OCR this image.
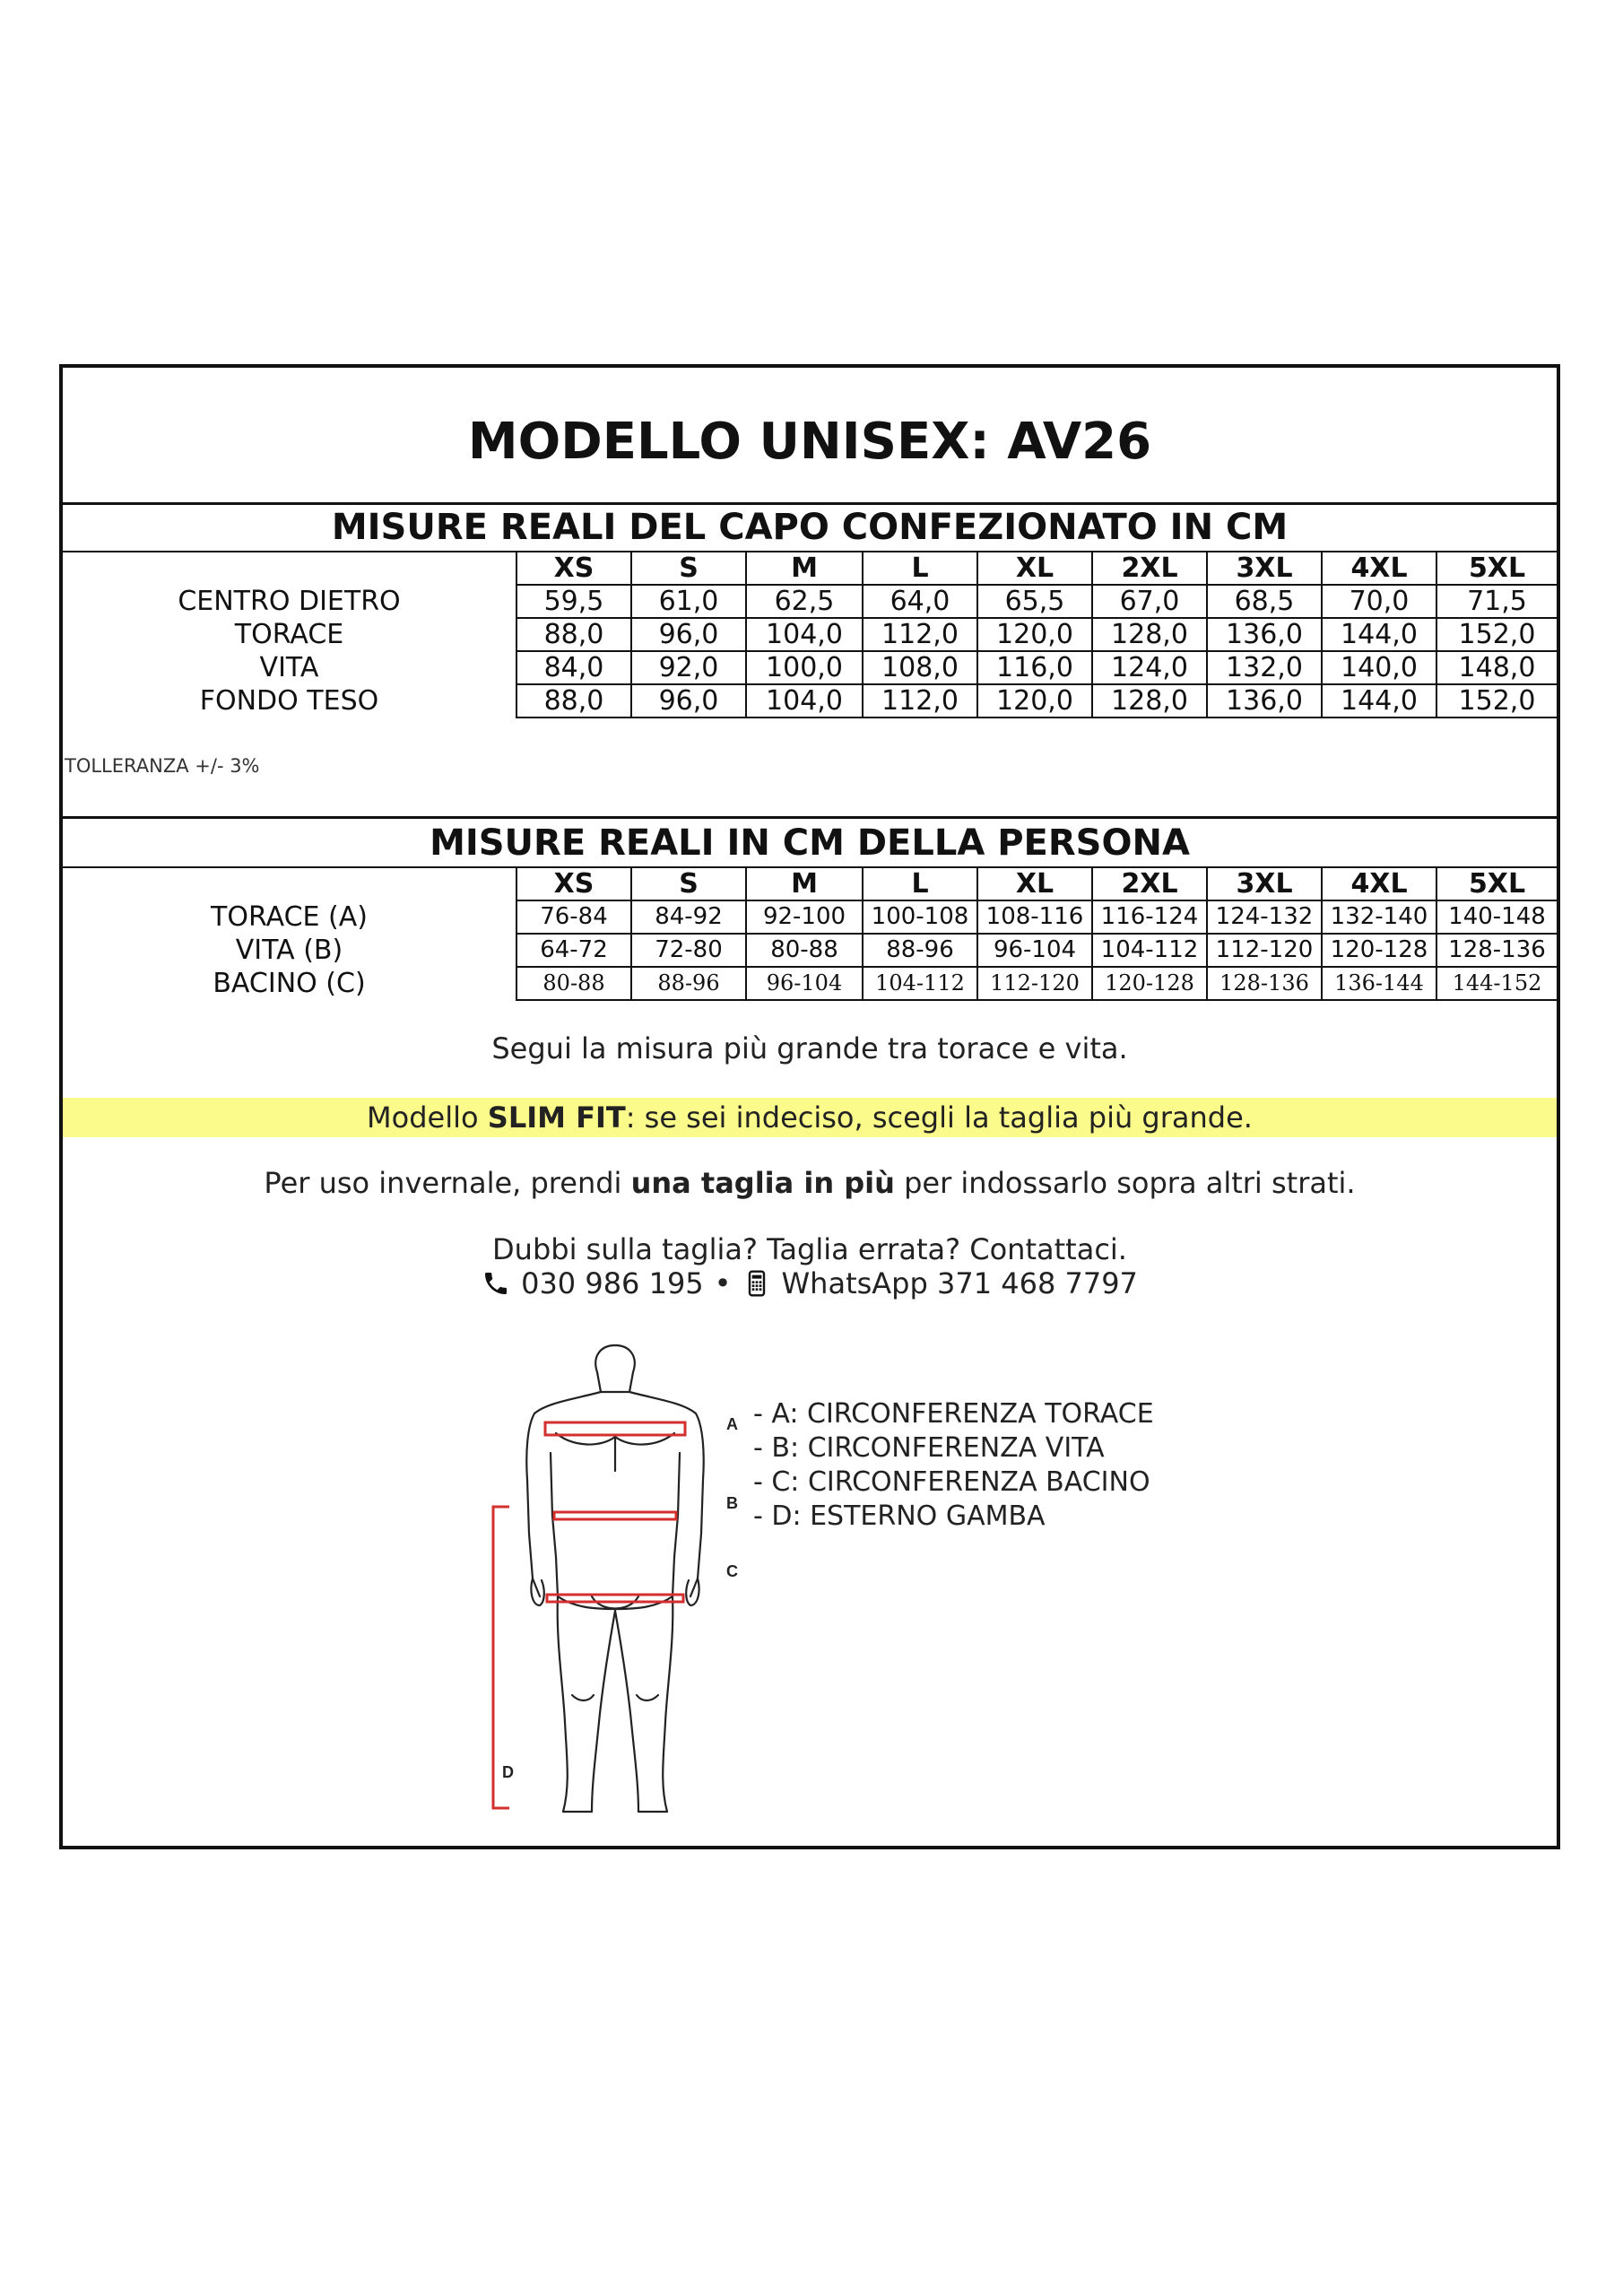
MODELLO UNISEX: AV26
MISURE REALI DEL CAPO CONFEZIONATO IN CM
	XS	S	M	L	XL	2XL	3XL	4XL	5XL
CENTRO DIETRO	59,5	61,0	62,5	64,0	65,5	67,0	68,5	70,0	71,5
TORACE	88,0	96,0	104,0	112,0	120,0	128,0	136,0	144,0	152,0
VITA	84,0	92,0	100,0	108,0	116,0	124,0	132,0	140,0	148,0
FONDO TESO	88,0	96,0	104,0	112,0	120,0	128,0	136,0	144,0	152,0
TOLLERANZA +/- 3%
MISURE REALI IN CM DELLA PERSONA
	XS	S	M	L	XL	2XL	3XL	4XL	5XL
TORACE (A)	76-84	84-92	92-100	100-108	108-116	116-124	124-132	132-140	140-148
VITA (B)	64-72	72-80	80-88	88-96	96-104	104-112	112-120	120-128	128-136
BACINO (C)	80-88	88-96	96-104	104-112	112-120	120-128	128-136	136-144	144-152
Segui la misura più grande tra torace e vita.
Modello SLIM FIT: se sei indeciso, scegli la taglia più grande.
Per uso invernale, prendi una taglia in più per indossarlo sopra altri strati.
Dubbi sulla taglia? Taglia errata? Contattaci.
030 986 195 • WhatsApp 371 468 7797
A
B
C
D
- A: CIRCONFERENZA TORACE
- B: CIRCONFERENZA VITA
- C: CIRCONFERENZA BACINO
- D: ESTERNO GAMBA
